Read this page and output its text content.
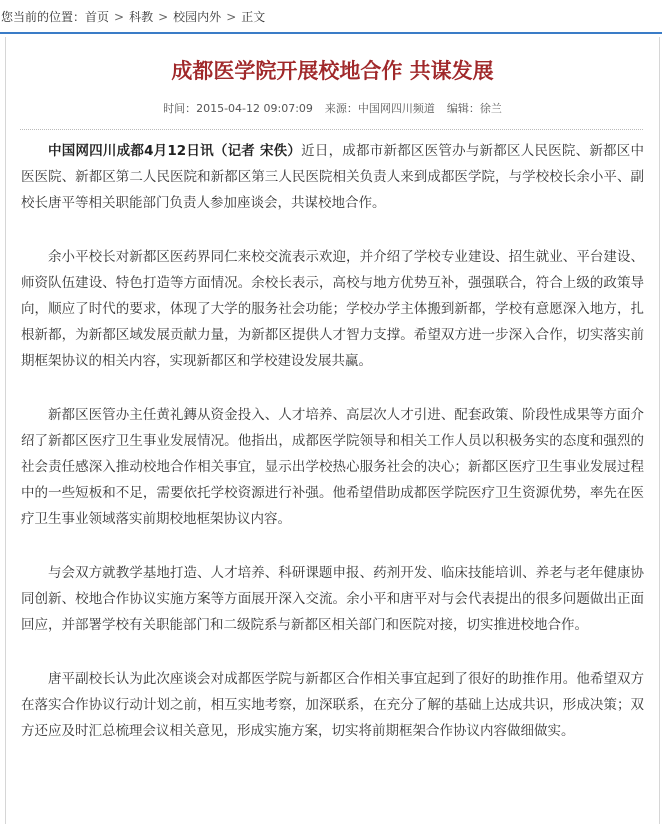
您当前的位置：首页 > 科教 > 校园内外 > 正文
成都医学院开展校地合作 共谋发展
时间：2015-04-12 09:07:09 来源：中国网四川频道 编辑：徐兰

中国网四川成都4月12日讯（记者 宋佚）近日，成都市新都区医管办与新都区人民医院、新都区中医医院、新都区第二人民医院和新都区第三人民医院相关负责人来到成都医学院，与学校校长余小平、副校长唐平等相关职能部门负责人参加座谈会，共谋校地合作。

余小平校长对新都区医药界同仁来校交流表示欢迎，并介绍了学校专业建设、招生就业、平台建设、师资队伍建设、特色打造等方面情况。余校长表示，高校与地方优势互补，强强联合，符合上级的政策导向，顺应了时代的要求，体现了大学的服务社会功能；学校办学主体搬到新都，学校有意愿深入地方，扎根新都，为新都区域发展贡献力量，为新都区提供人才智力支撑。希望双方进一步深入合作，切实落实前期框架协议的相关内容，实现新都区和学校建设发展共赢。

新都区医管办主任黄礼鏄从资金投入、人才培养、高层次人才引进、配套政策、阶段性成果等方面介绍了新都区医疗卫生事业发展情况。他指出，成都医学院领导和相关工作人员以积极务实的态度和强烈的社会责任感深入推动校地合作相关事宜，显示出学校热心服务社会的决心；新都区医疗卫生事业发展过程中的一些短板和不足，需要依托学校资源进行补强。他希望借助成都医学院医疗卫生资源优势，率先在医疗卫生事业领域落实前期校地框架协议内容。

与会双方就教学基地打造、人才培养、科研课题申报、药剂开发、临床技能培训、养老与老年健康协同创新、校地合作协议实施方案等方面展开深入交流。余小平和唐平对与会代表提出的很多问题做出正面回应，并部署学校有关职能部门和二级院系与新都区相关部门和医院对接，切实推进校地合作。

唐平副校长认为此次座谈会对成都医学院与新都区合作相关事宜起到了很好的助推作用。他希望双方在落实合作协议行动计划之前，相互实地考察，加深联系，在充分了解的基础上达成共识，形成决策；双方还应及时汇总梳理会议相关意见，形成实施方案，切实将前期框架合作协议内容做细做实。
